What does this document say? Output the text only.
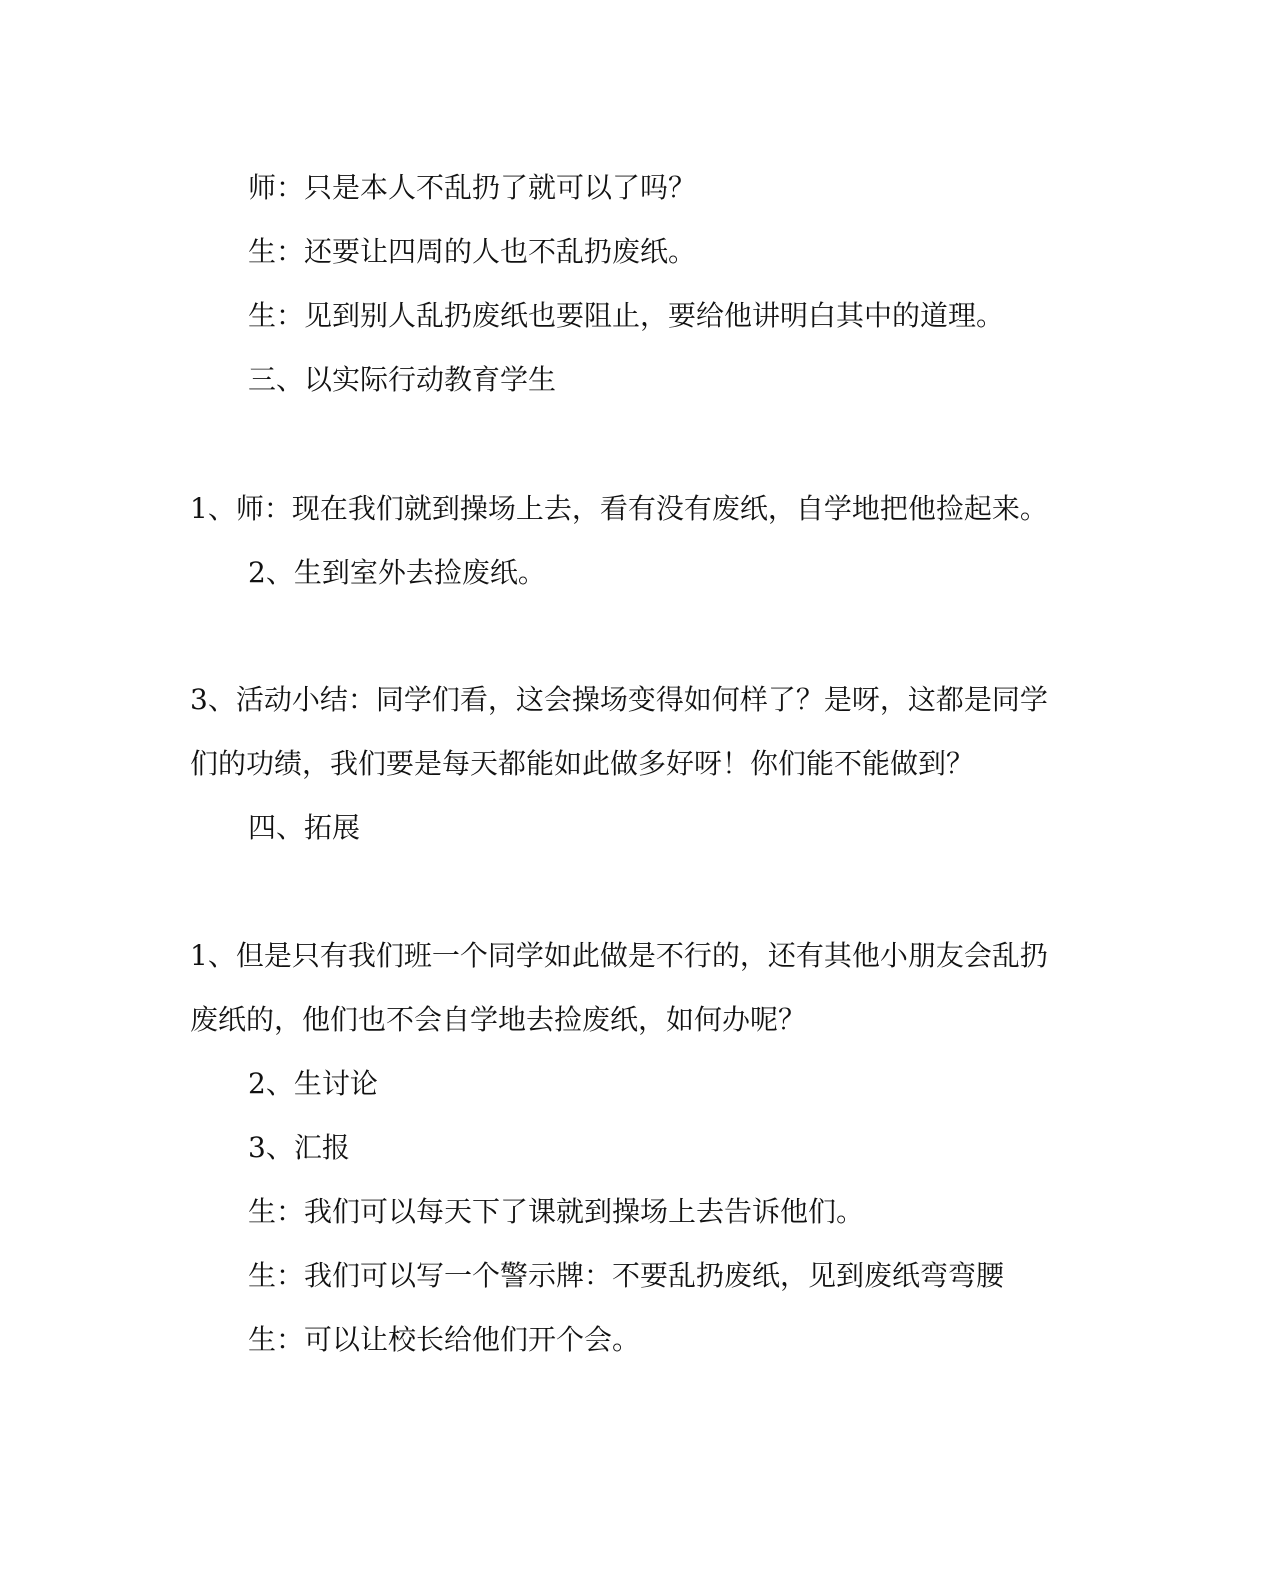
师：只是本人不乱扔了就可以了吗？
生：还要让四周的人也不乱扔废纸。
生：见到别人乱扔废纸也要阻止，要给他讲明白其中的道理。
三、以实际行动教育学生
1、师：现在我们就到操场上去，看有没有废纸，自学地把他捡起来。
2、生到室外去捡废纸。
3、活动小结：同学们看，这会操场变得如何样了？是呀，这都是同学
们的功绩，我们要是每天都能如此做多好呀！你们能不能做到？
四、拓展
1、但是只有我们班一个同学如此做是不行的，还有其他小朋友会乱扔
废纸的，他们也不会自学地去捡废纸，如何办呢？
2、生讨论
3、汇报
生：我们可以每天下了课就到操场上去告诉他们。
生：我们可以写一个警示牌：不要乱扔废纸，见到废纸弯弯腰
生：可以让校长给他们开个会。
